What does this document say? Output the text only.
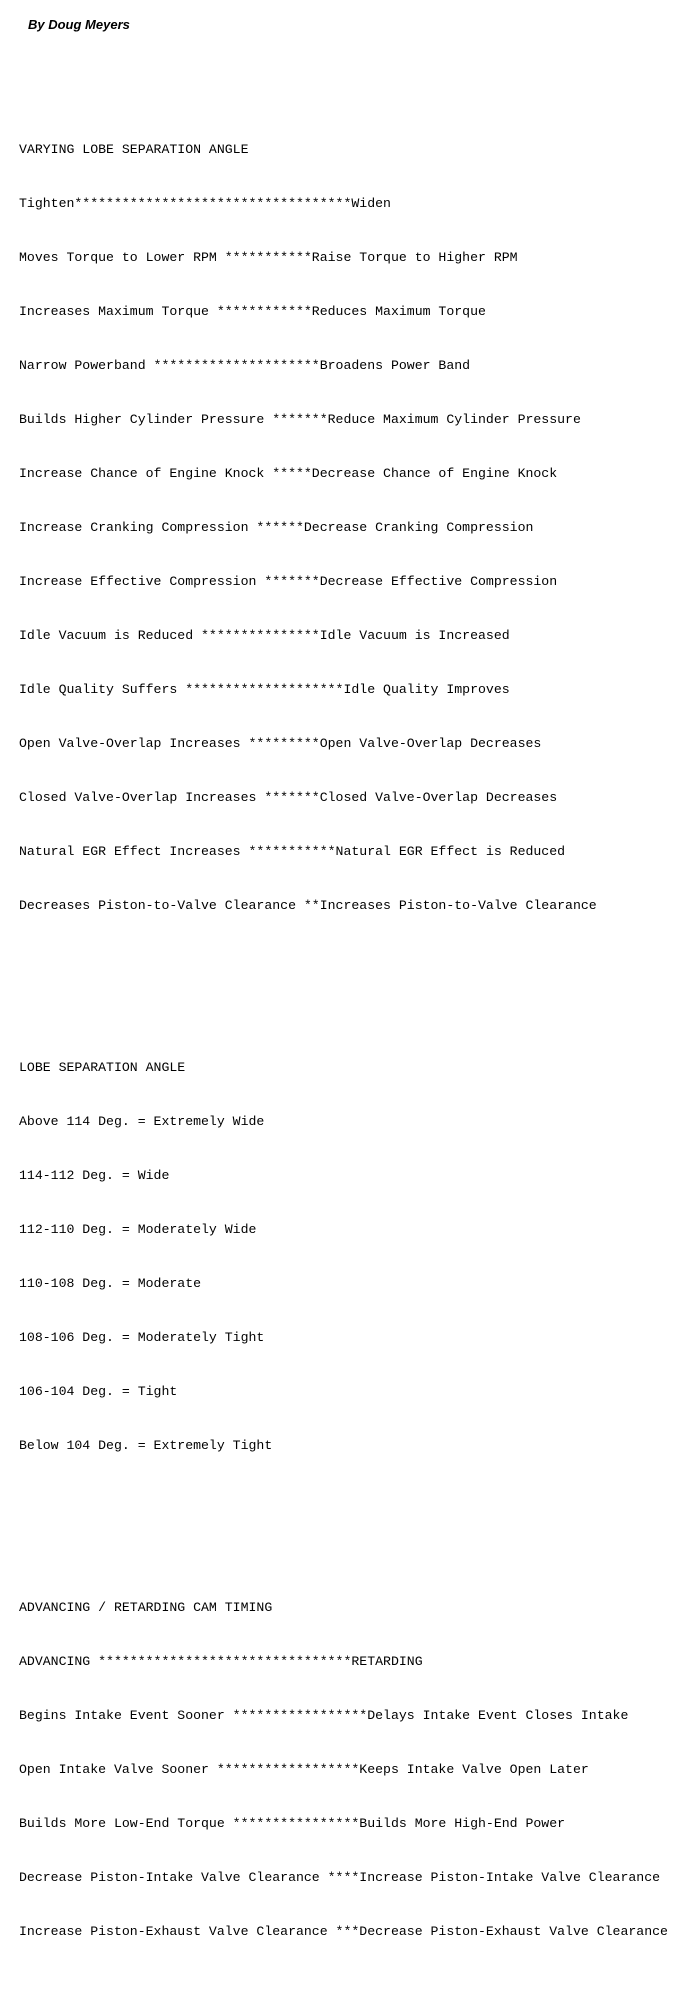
By Doug Meyers

VARYING LOBE SEPARATION ANGLE

Tighten***********************************Widen

Moves Torque to Lower RPM ***********Raise Torque to Higher RPM

Increases Maximum Torque ************Reduces Maximum Torque

Narrow Powerband *********************Broadens Power Band

Builds Higher Cylinder Pressure *******Reduce Maximum Cylinder Pressure

Increase Chance of Engine Knock *****Decrease Chance of Engine Knock

Increase Cranking Compression ******Decrease Cranking Compression

Increase Effective Compression *******Decrease Effective Compression

Idle Vacuum is Reduced ***************Idle Vacuum is Increased

Idle Quality Suffers ********************Idle Quality Improves

Open Valve-Overlap Increases *********Open Valve-Overlap Decreases

Closed Valve-Overlap Increases *******Closed Valve-Overlap Decreases

Natural EGR Effect Increases ***********Natural EGR Effect is Reduced

Decreases Piston-to-Valve Clearance **Increases Piston-to-Valve Clearance

LOBE SEPARATION ANGLE

Above 114 Deg. = Extremely Wide

114-112 Deg. = Wide

112-110 Deg. = Moderately Wide

110-108 Deg. = Moderate

108-106 Deg. = Moderately Tight

106-104 Deg. = Tight

Below 104 Deg. = Extremely Tight

ADVANCING / RETARDING CAM TIMING

ADVANCING ********************************RETARDING

Begins Intake Event Sooner *****************Delays Intake Event Closes Intake

Open Intake Valve Sooner ******************Keeps Intake Valve Open Later

Builds More Low-End Torque ****************Builds More High-End Power

Decrease Piston-Intake Valve Clearance ****Increase Piston-Intake Valve Clearance

Increase Piston-Exhaust Valve Clearance ***Decrease Piston-Exhaust Valve Clearance
